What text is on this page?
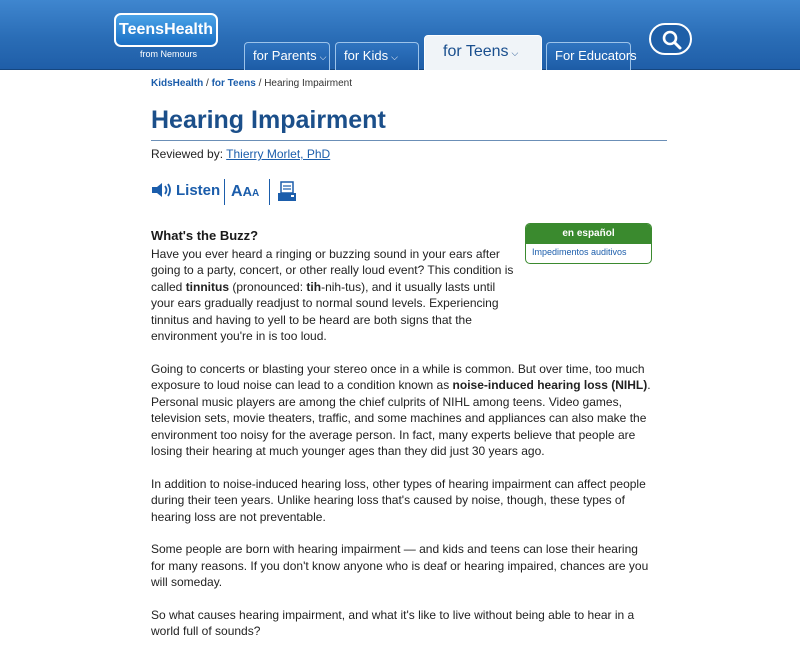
TeensHealth
from Nemours	for Parents ⌵	for Kids ⌵	for Teens ⌵	For Educators
KidsHealth / for Teens / Hearing Impairment
Hearing Impairment
Reviewed by: Thierry Morlet, PhD
Listen AAA
en español
Impedimentos auditivos
What's the Buzz?

Have you ever heard a ringing or buzzing sound in your ears after going to a party, concert, or other really loud event? This condition is called tinnitus (pronounced: tih-nih-tus), and it usually lasts until your ears gradually readjust to normal sound levels. Experiencing tinnitus and having to yell to be heard are both signs that the environment you're in is too loud.

Going to concerts or blasting your stereo once in a while is common. But over time, too much exposure to loud noise can lead to a condition known as noise-induced hearing loss (NIHL). Personal music players are among the chief culprits of NIHL among teens. Video games, television sets, movie theaters, traffic, and some machines and appliances can also make the environment too noisy for the average person. In fact, many experts believe that people are losing their hearing at much younger ages than they did just 30 years ago.

In addition to noise-induced hearing loss, other types of hearing impairment can affect people during their teen years. Unlike hearing loss that's caused by noise, though, these types of hearing loss are not preventable.

Some people are born with hearing impairment — and kids and teens can lose their hearing for many reasons. If you don't know anyone who is deaf or hearing impaired, chances are you will someday.

So what causes hearing impairment, and what it's like to live without being able to hear in a world full of sounds?
